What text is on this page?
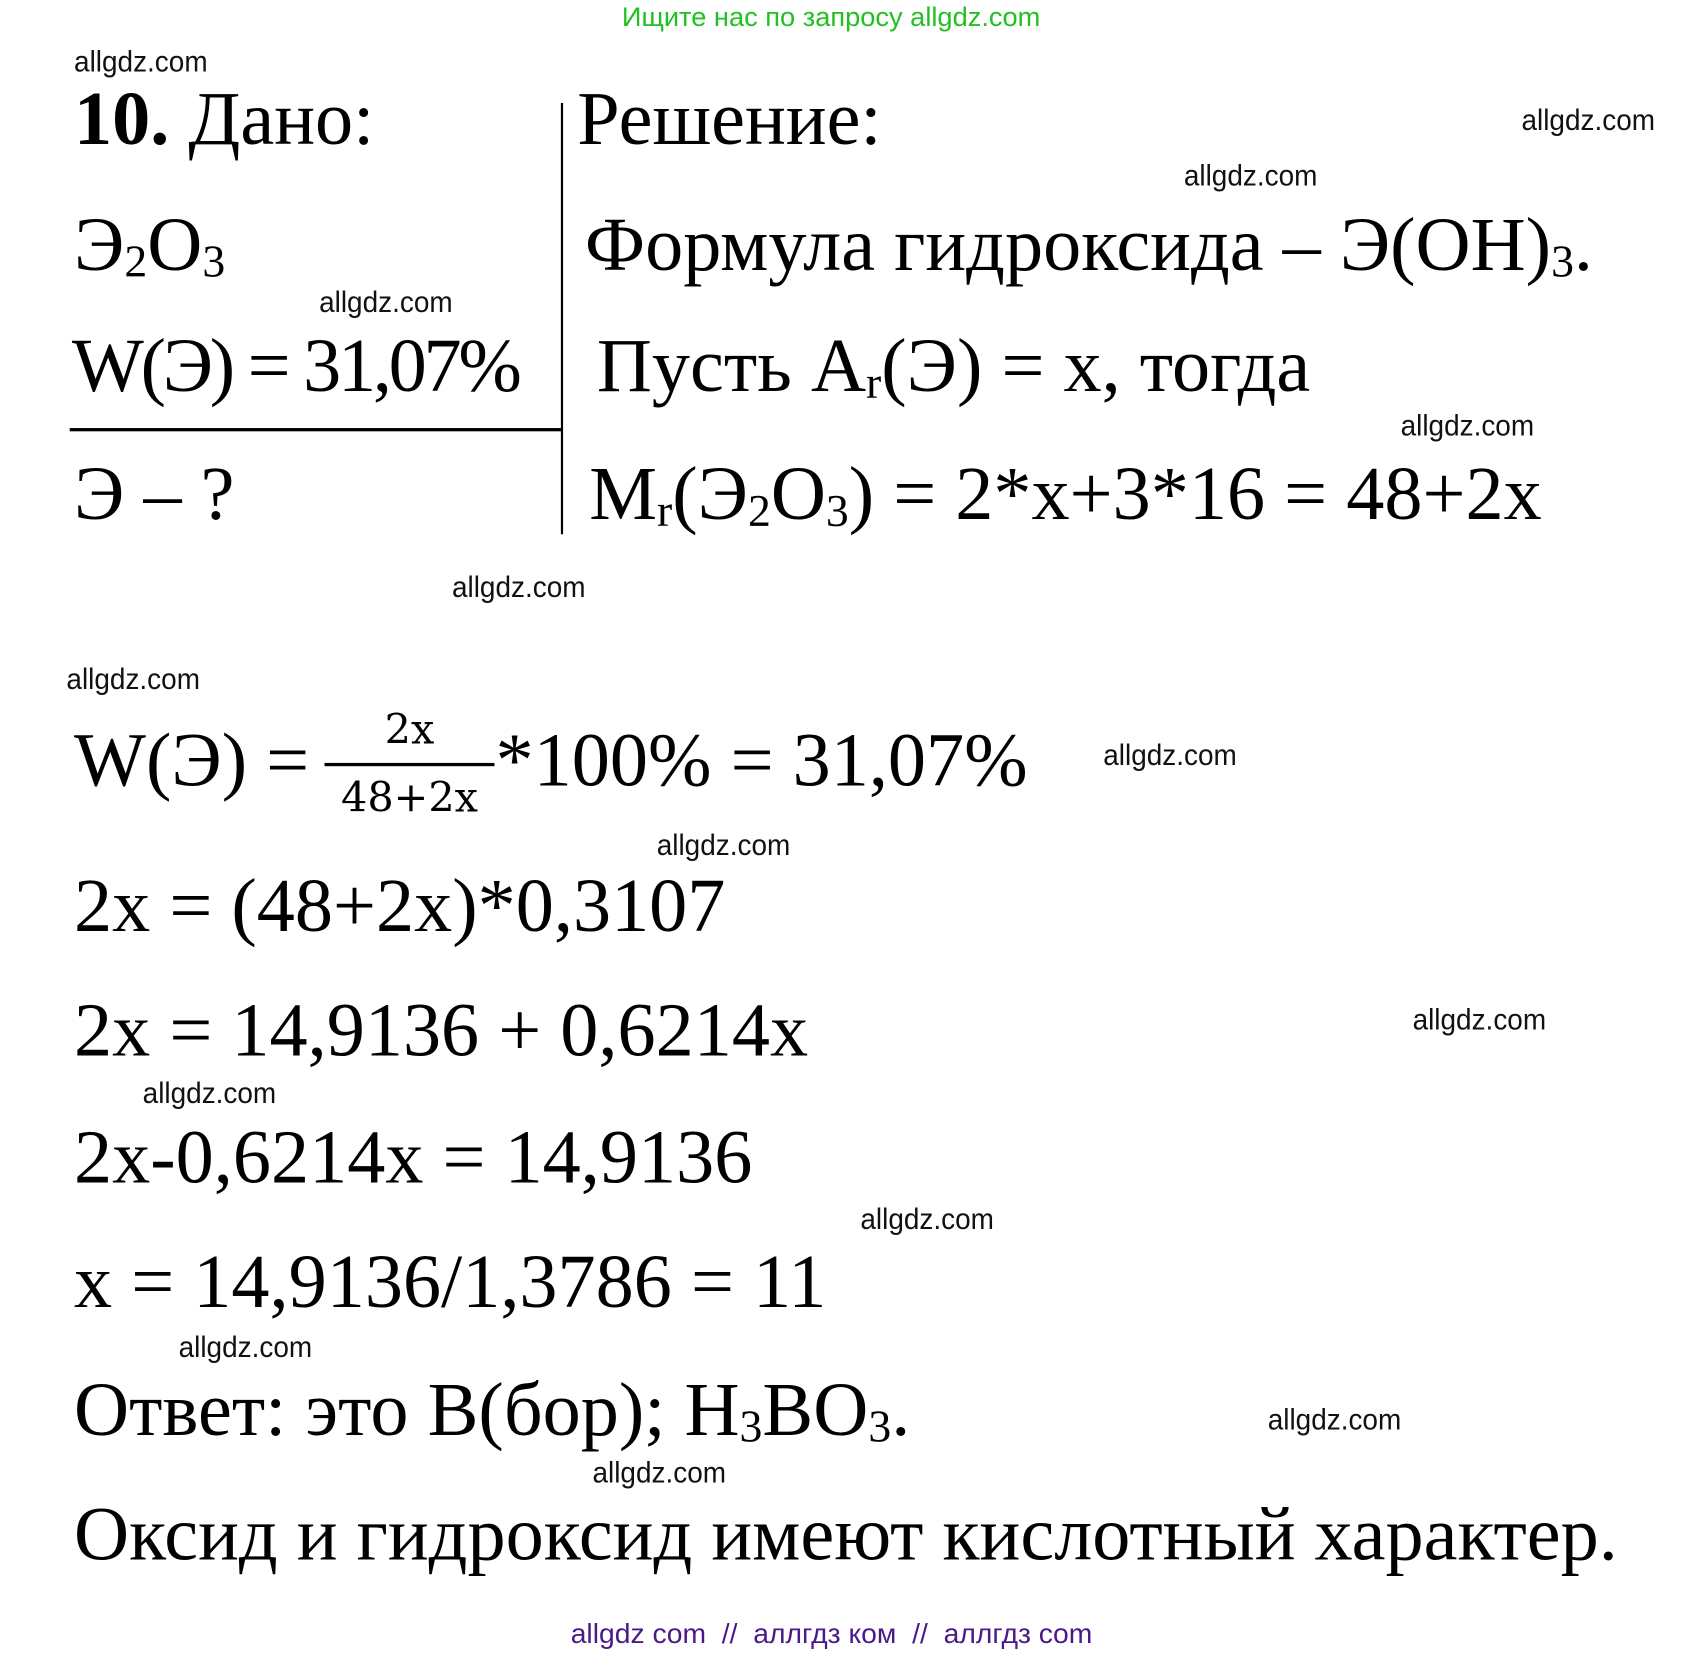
Ищите нас по запросу allgdz.com
allgdz.com
allgdz.com
allgdz.com
allgdz.com
allgdz.com
allgdz.com
allgdz.com
allgdz.com
allgdz.com
allgdz.com
allgdz.com
allgdz.com
allgdz.com
allgdz.com
allgdz.com
10. Дано:
$Э_2O_3$
W(Э) = 31,07%
Э – ?
Решение:
Формула гидроксида – $Э(OH)_3$.
Пусть $A_r(Э) = x$, тогда
$M_r(Э_2O_3) = 2*x+3*16 = 48+2x$
W(Э) =	2x
48+2x *100% = 31,07%
2x = (48+2x)*0,3107
2x = 14,9136 + 0,6214x
2x-0,6214x = 14,9136
x = 14,9136/1,3786 = 11
Ответ: это B(бор); $H_3BO_3$.
Оксид и гидроксид имеют кислотный характер.
allgdz com  //  аллгдз ком  //  аллгдз com
